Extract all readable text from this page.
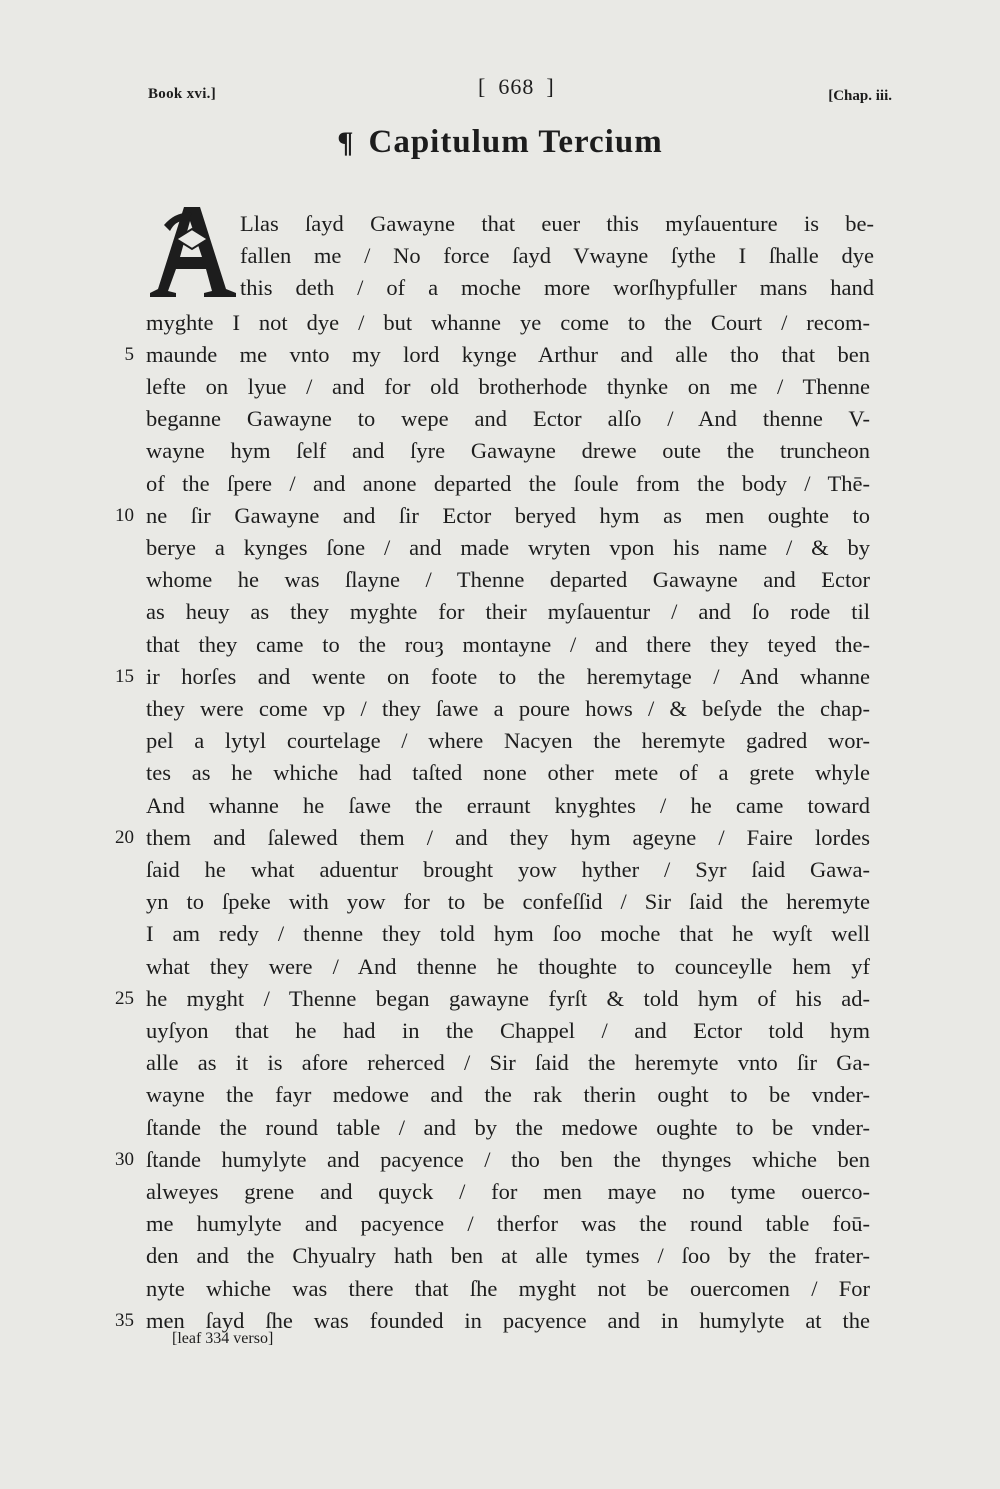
Book xvi.]	[ 668 ]	[Chap. iii.
¶ Capitulum Tercium
A
Llas ſayd Gawayne that euer this myſauenture is be-
fallen me / No force ſayd Vwayne ſythe I ſhalle dye
this deth / of a moche more worſhypfuller mans hand
myghte I not dye / but whanne ye come to the Court / recom-
5 maunde me vnto my lord kynge Arthur and alle tho that ben
lefte on lyue / and for old brotherhode thynke on me / Thenne
beganne Gawayne to wepe and Ector alſo / And thenne V-
wayne hym ſelf and ſyre Gawayne drewe oute the truncheon
of the ſpere / and anone departed the ſoule from the body / Thē-
10 ne ſir Gawayne and ſir Ector beryed hym as men oughte to
berye a kynges ſone / and made wryten vpon his name / & by
whome he was ſlayne / Thenne departed Gawayne and Ector
as heuy as they myghte for their myſauentur / and ſo rode til
that they came to the rouȝ montayne / and there they teyed the-
15 ir horſes and wente on foote to the heremytage / And whanne
they were come vp / they ſawe a poure hows / & beſyde the chap-
pel a lytyl courtelage / where Nacyen the heremyte gadred wor-
tes as he whiche had taſted none other mete of a grete whyle
And whanne he ſawe the erraunt knyghtes / he came toward
20 them and ſalewed them / and they hym ageyne / Faire lordes
ſaid he what aduentur brought yow hyther / Syr ſaid Gawa-
yn to ſpeke with yow for to be confeſſid / Sir ſaid the heremyte
I am redy / thenne they told hym ſoo moche that he wyſt well
what they were / And thenne he thoughte to counceylle hem yf
25 he myght / Thenne began gawayne fyrſt & told hym of his ad-
uyſyon that he had in the Chappel / and Ector told hym
alle as it is afore reherced / Sir ſaid the heremyte vnto ſir Ga-
wayne the fayr medowe and the rak therin ought to be vnder-
ſtande the round table / and by the medowe oughte to be vnder-
30 ſtande humylyte and pacyence / tho ben the thynges whiche ben
alweyes grene and quyck / for men maye no tyme ouerco-
me humylyte and pacyence / therfor was the round table foū-
den and the Chyualry hath ben at alle tymes / ſoo by the frater-
nyte whiche was there that ſhe myght not be ouercomen / For
35 men ſayd ſhe was founded in pacyence and in humylyte at the
[leaf 334 verso]
